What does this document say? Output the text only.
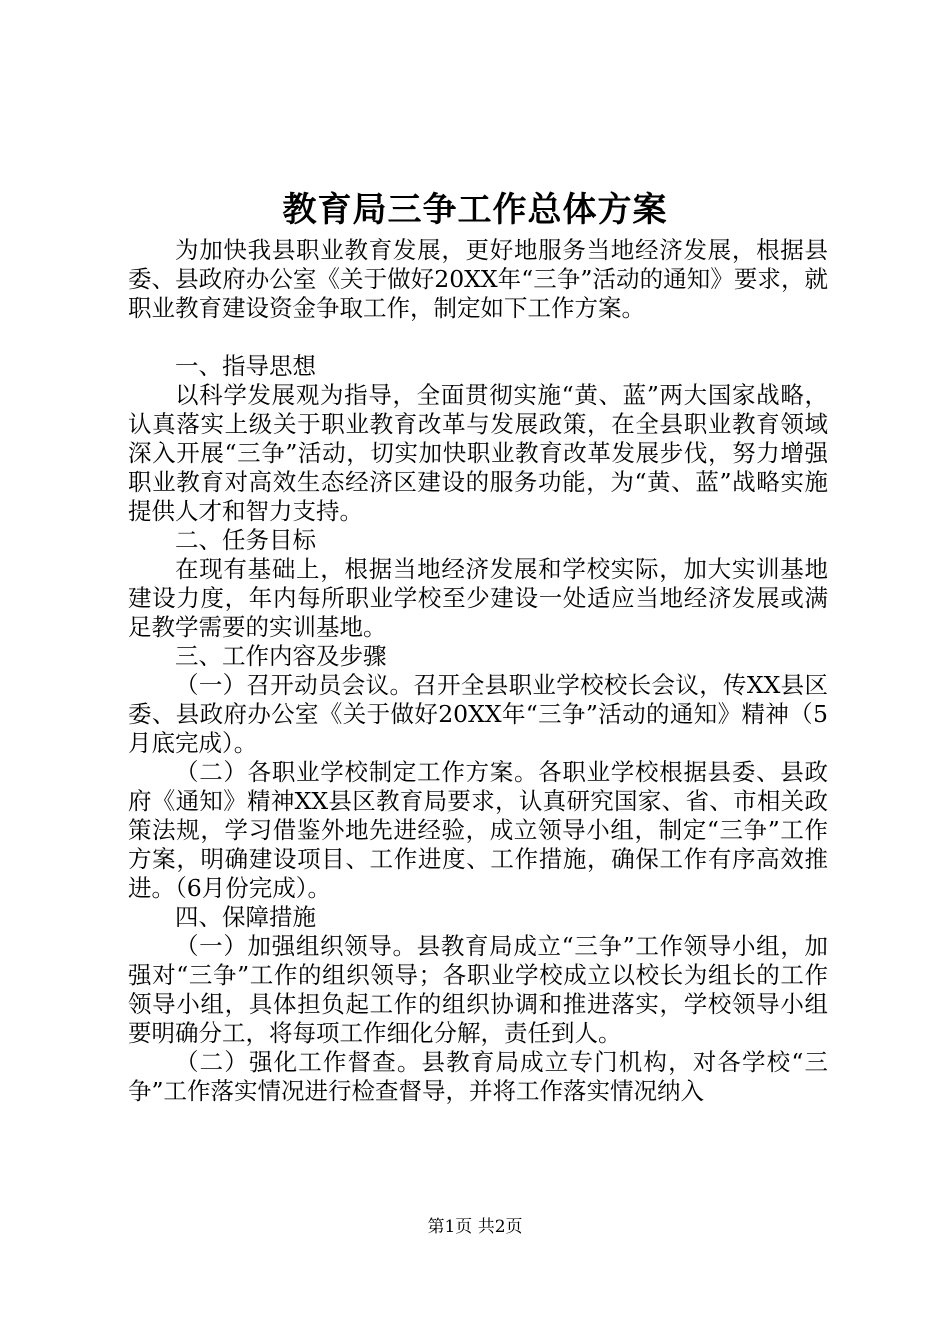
教育局三争工作总体方案

为加快我县职业教育发展，更好地服务当地经济发展，根据县委、县政府办公室《关于做好20XX年“三争”活动的通知》要求，就职业教育建设资金争取工作，制定如下工作方案。

一、指导思想

以科学发展观为指导，全面贯彻实施“黄、蓝”两大国家战略，认真落实上级关于职业教育改革与发展政策，在全县职业教育领域深入开展“三争”活动，切实加快职业教育改革发展步伐，努力增强职业教育对高效生态经济区建设的服务功能，为“黄、蓝”战略实施提供人才和智力支持。

二、任务目标

在现有基础上，根据当地经济发展和学校实际，加大实训基地建设力度，年内每所职业学校至少建设一处适应当地经济发展或满足教学需要的实训基地。

三、工作内容及步骤

（一）召开动员会议。召开全县职业学校校长会议，传XX县区委、县政府办公室《关于做好20XX年“三争”活动的通知》精神（5月底完成）。

（二）各职业学校制定工作方案。各职业学校根据县委、县政府《通知》精神XX县区教育局要求，认真研究国家、省、市相关政策法规，学习借鉴外地先进经验，成立领导小组，制定“三争”工作方案，明确建设项目、工作进度、工作措施，确保工作有序高效推进。（6月份完成）。

四、保障措施

（一）加强组织领导。县教育局成立“三争”工作领导小组，加强对“三争”工作的组织领导；各职业学校成立以校长为组长的工作领导小组，具体担负起工作的组织协调和推进落实，学校领导小组要明确分工，将每项工作细化分解，责任到人。

（二）强化工作督查。县教育局成立专门机构，对各学校“三争”工作落实情况进行检查督导，并将工作落实情况纳入

第1页 共2页
